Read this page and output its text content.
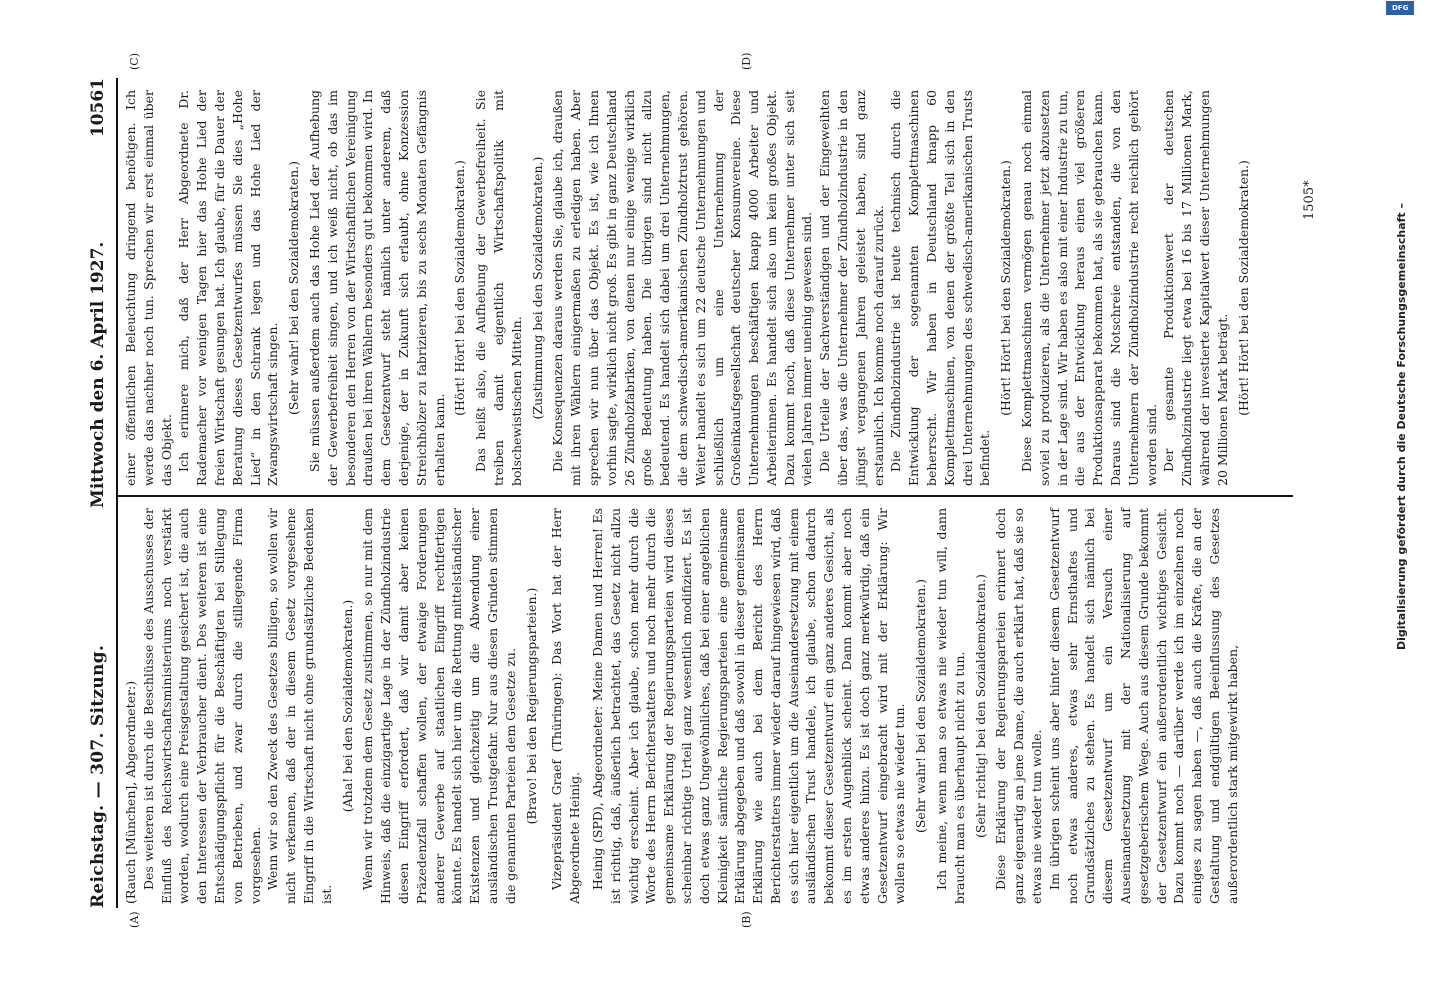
Reichstag. — 307. Sitzung.
Mittwoch den 6. April 1927.
10561
(A)	(B)
(C)	(D)

(Rauch [München], Abgeordneter:) Des weiteren ist durch die Beschlüsse des Ausschusses der Einfluß des Reichswirtschaftsministeriums noch verstärkt worden, wodurch eine Preisgestaltung gesichert ist, die auch den Interessen der Verbraucher dient. Des weiteren ist eine Entschädigungspflicht für die Beschäftigten bei Stillegung von Betrieben, und zwar durch die stillegende Firma vorgesehen. Wenn wir so den Zweck des Gesetzes billigen, so wollen wir nicht verkennen, daß der in diesem Gesetz vorgesehene Eingriff in die Wirtschaft nicht ohne grundsätzliche Bedenken ist.

(Aha! bei den Sozialdemokraten.) Wenn wir trotzdem dem Gesetz zustimmen, so nur mit dem Hinweis, daß die einzigartige Lage in der Zündholzindustrie diesen Eingriff erfordert, daß wir damit aber keinen Präzedenzfall schaffen wollen, der etwaige Forderungen anderer Gewerbe auf staatlichen Eingriff rechtfertigen könnte. Es handelt sich hier um die Rettung mittelständischer Existenzen und gleichzeitig um die Abwendung einer ausländischen Trustgefahr. Nur aus diesen Gründen stimmen die genannten Parteien dem Gesetze zu. (Bravo! bei den Regierungsparteien.) Vizepräsident Graef (Thüringen): Das Wort hat der Herr Abgeordnete Heinig. Heinig (SPD), Abgeordneter: Meine Damen und Herren! Es ist richtig, daß, äußerlich betrachtet, das Gesetz nicht allzu wichtig erscheint. Aber ich glaube, schon mehr durch die Worte des Herrn Berichterstatters und noch mehr durch die gemeinsame Erklärung der Regierungsparteien wird dieses scheinbar richtige Urteil ganz wesentlich modifiziert. Es ist doch etwas ganz Ungewöhnliches, daß bei einer angeblichen Kleinigkeit sämtliche Regierungsparteien eine gemeinsame Erklärung abgegeben und daß sowohl in dieser gemeinsamen Erklärung wie auch bei dem Bericht des Herrn Berichterstatters immer wieder darauf hingewiesen wird, daß es sich hier eigentlich um die Auseinandersetzung mit einem ausländischen Trust handele, ich glaube, schon dadurch bekommt dieser Gesetzentwurf ein ganz anderes Gesicht, als es im ersten Augenblick scheint. Dann kommt aber noch etwas anderes hinzu. Es ist doch ganz merkwürdig, daß ein Gesetzentwurf eingebracht wird mit der Erklärung: Wir wollen so etwas nie wieder tun. (Sehr wahr! bei den Sozialdemokraten.) Ich meine, wenn man so etwas nie wieder tun will, dann braucht man es überhaupt nicht zu tun. (Sehr richtig! bei den Sozialdemokraten.) Diese Erklärung der Regierungsparteien erinnert doch ganz eigenartig an jene Dame, die auch erklärt hat, daß sie so etwas nie wieder tun wolle. Im übrigen scheint uns aber hinter diesem Gesetzentwurf noch etwas anderes, etwas sehr Ernsthaftes und Grundsätzliches zu stehen. Es handelt sich nämlich bei diesem Gesetzentwurf um ein Versuch einer Auseinandersetzung mit der Nationalisierung auf gesetzgeberischem Wege. Auch aus diesem Grunde bekommt der Gesetzentwurf ein außerordentlich wichtiges Gesicht. Dazu kommt noch — darüber werde ich im einzelnen noch einiges zu sagen haben —, daß auch die Kräfte, die an der Gestaltung und endgültigen Beeinflussung des Gesetzes außerordentlich stark mitgewirkt haben,

einer öffentlichen Beleuchtung dringend benötigen. Ich werde das nachher noch tun. Sprechen wir erst einmal über das Objekt. Ich erinnere mich, daß der Herr Abgeordnete Dr. Rademacher vor wenigen Tagen hier das Hohe Lied der freien Wirtschaft gesungen hat. Ich glaube, für die Dauer der Beratung dieses Gesetzentwurfes müssen Sie dies „Hohe Lied“ in den Schrank legen und das Hohe Lied der Zwangswirtschaft singen. (Sehr wahr! bei den Sozialdemokraten.) Sie müssen außerdem auch das Hohe Lied der Aufhebung der Gewerbefreiheit singen, und ich weiß nicht, ob das im besonderen den Herren von der Wirtschaftlichen Vereinigung draußen bei ihren Wählern besonders gut bekommen wird. In dem Gesetzentwurf steht nämlich unter anderem, daß derjenige, der in Zukunft sich erlaubt, ohne Konzession Streichhölzer zu fabrizieren, bis zu sechs Monaten Gefängnis erhalten kann.

(Hört! Hört! bei den Sozialdemokraten.) Das heißt also, die Aufhebung der Gewerbefreiheit. Sie treiben damit eigentlich Wirtschaftspolitik mit bolschewistischen Mitteln. (Zustimmung bei den Sozialdemokraten.) Die Konsequenzen daraus werden Sie, glaube ich, draußen mit ihren Wählern einigermaßen zu erledigen haben. Aber sprechen wir nun über das Objekt. Es ist, wie ich Ihnen vorhin sagte, wirklich nicht groß. Es gibt in ganz Deutschland 26 Zündholzfabriken, von denen nur einige wenige wirklich große Bedeutung haben. Die übrigen sind nicht allzu bedeutend. Es handelt sich dabei um drei Unternehmungen, die dem schwedisch-amerikanischen Zündholztrust gehören. Weiter handelt es sich um 22 deutsche Unternehmungen und schließlich um eine Unternehmung der Großeinkaufsgesellschaft deutscher Konsumvereine. Diese Unternehmungen beschäftigen knapp 4000 Arbeiter und Arbeiterinnen. Es handelt sich also um kein großes Objekt. Dazu kommt noch, daß diese Unternehmer unter sich seit vielen Jahren immer uneinig gewesen sind. Die Urteile der Sachverständigen und der Eingeweihten über das, was die Unternehmer der Zündholzindustrie in den jüngst vergangenen Jahren geleistet haben, sind ganz erstaunlich. Ich komme noch darauf zurück. Die Zündholzindustrie ist heute technisch durch die Entwicklung der sogenannten Komplettmaschinen beherrscht. Wir haben in Deutschland knapp 60 Komplettmaschinen, von denen der größte Teil sich in den drei Unternehmungen des schwedisch-amerikanischen Trusts befindet.

(Hört! Hört! bei den Sozialdemokraten.) Diese Komplettmaschinen vermögen genau noch einmal soviel zu produzieren, als die Unternehmer jetzt abzusetzen in der Lage sind. Wir haben es also mit einer Industrie zu tun, die aus der Entwicklung heraus einen viel größeren Produktionsapparat bekommen hat, als sie gebrauchen kann. Daraus sind die Notschreie entstanden, die von den Unternehmern der Zündholzindustrie recht reichlich gehört worden sind. Der gesamte Produktionswert der deutschen Zündholzindustrie liegt etwa bei 16 bis 17 Millionen Mark, während der investierte Kapitalwert dieser Unternehmungen 20 Millionen Mark beträgt. (Hört! Hört! bei den Sozialdemokraten.)	1505*
Digitalisierung gefördert durch die Deutsche Forschungsgemeinschaft –
DFG
